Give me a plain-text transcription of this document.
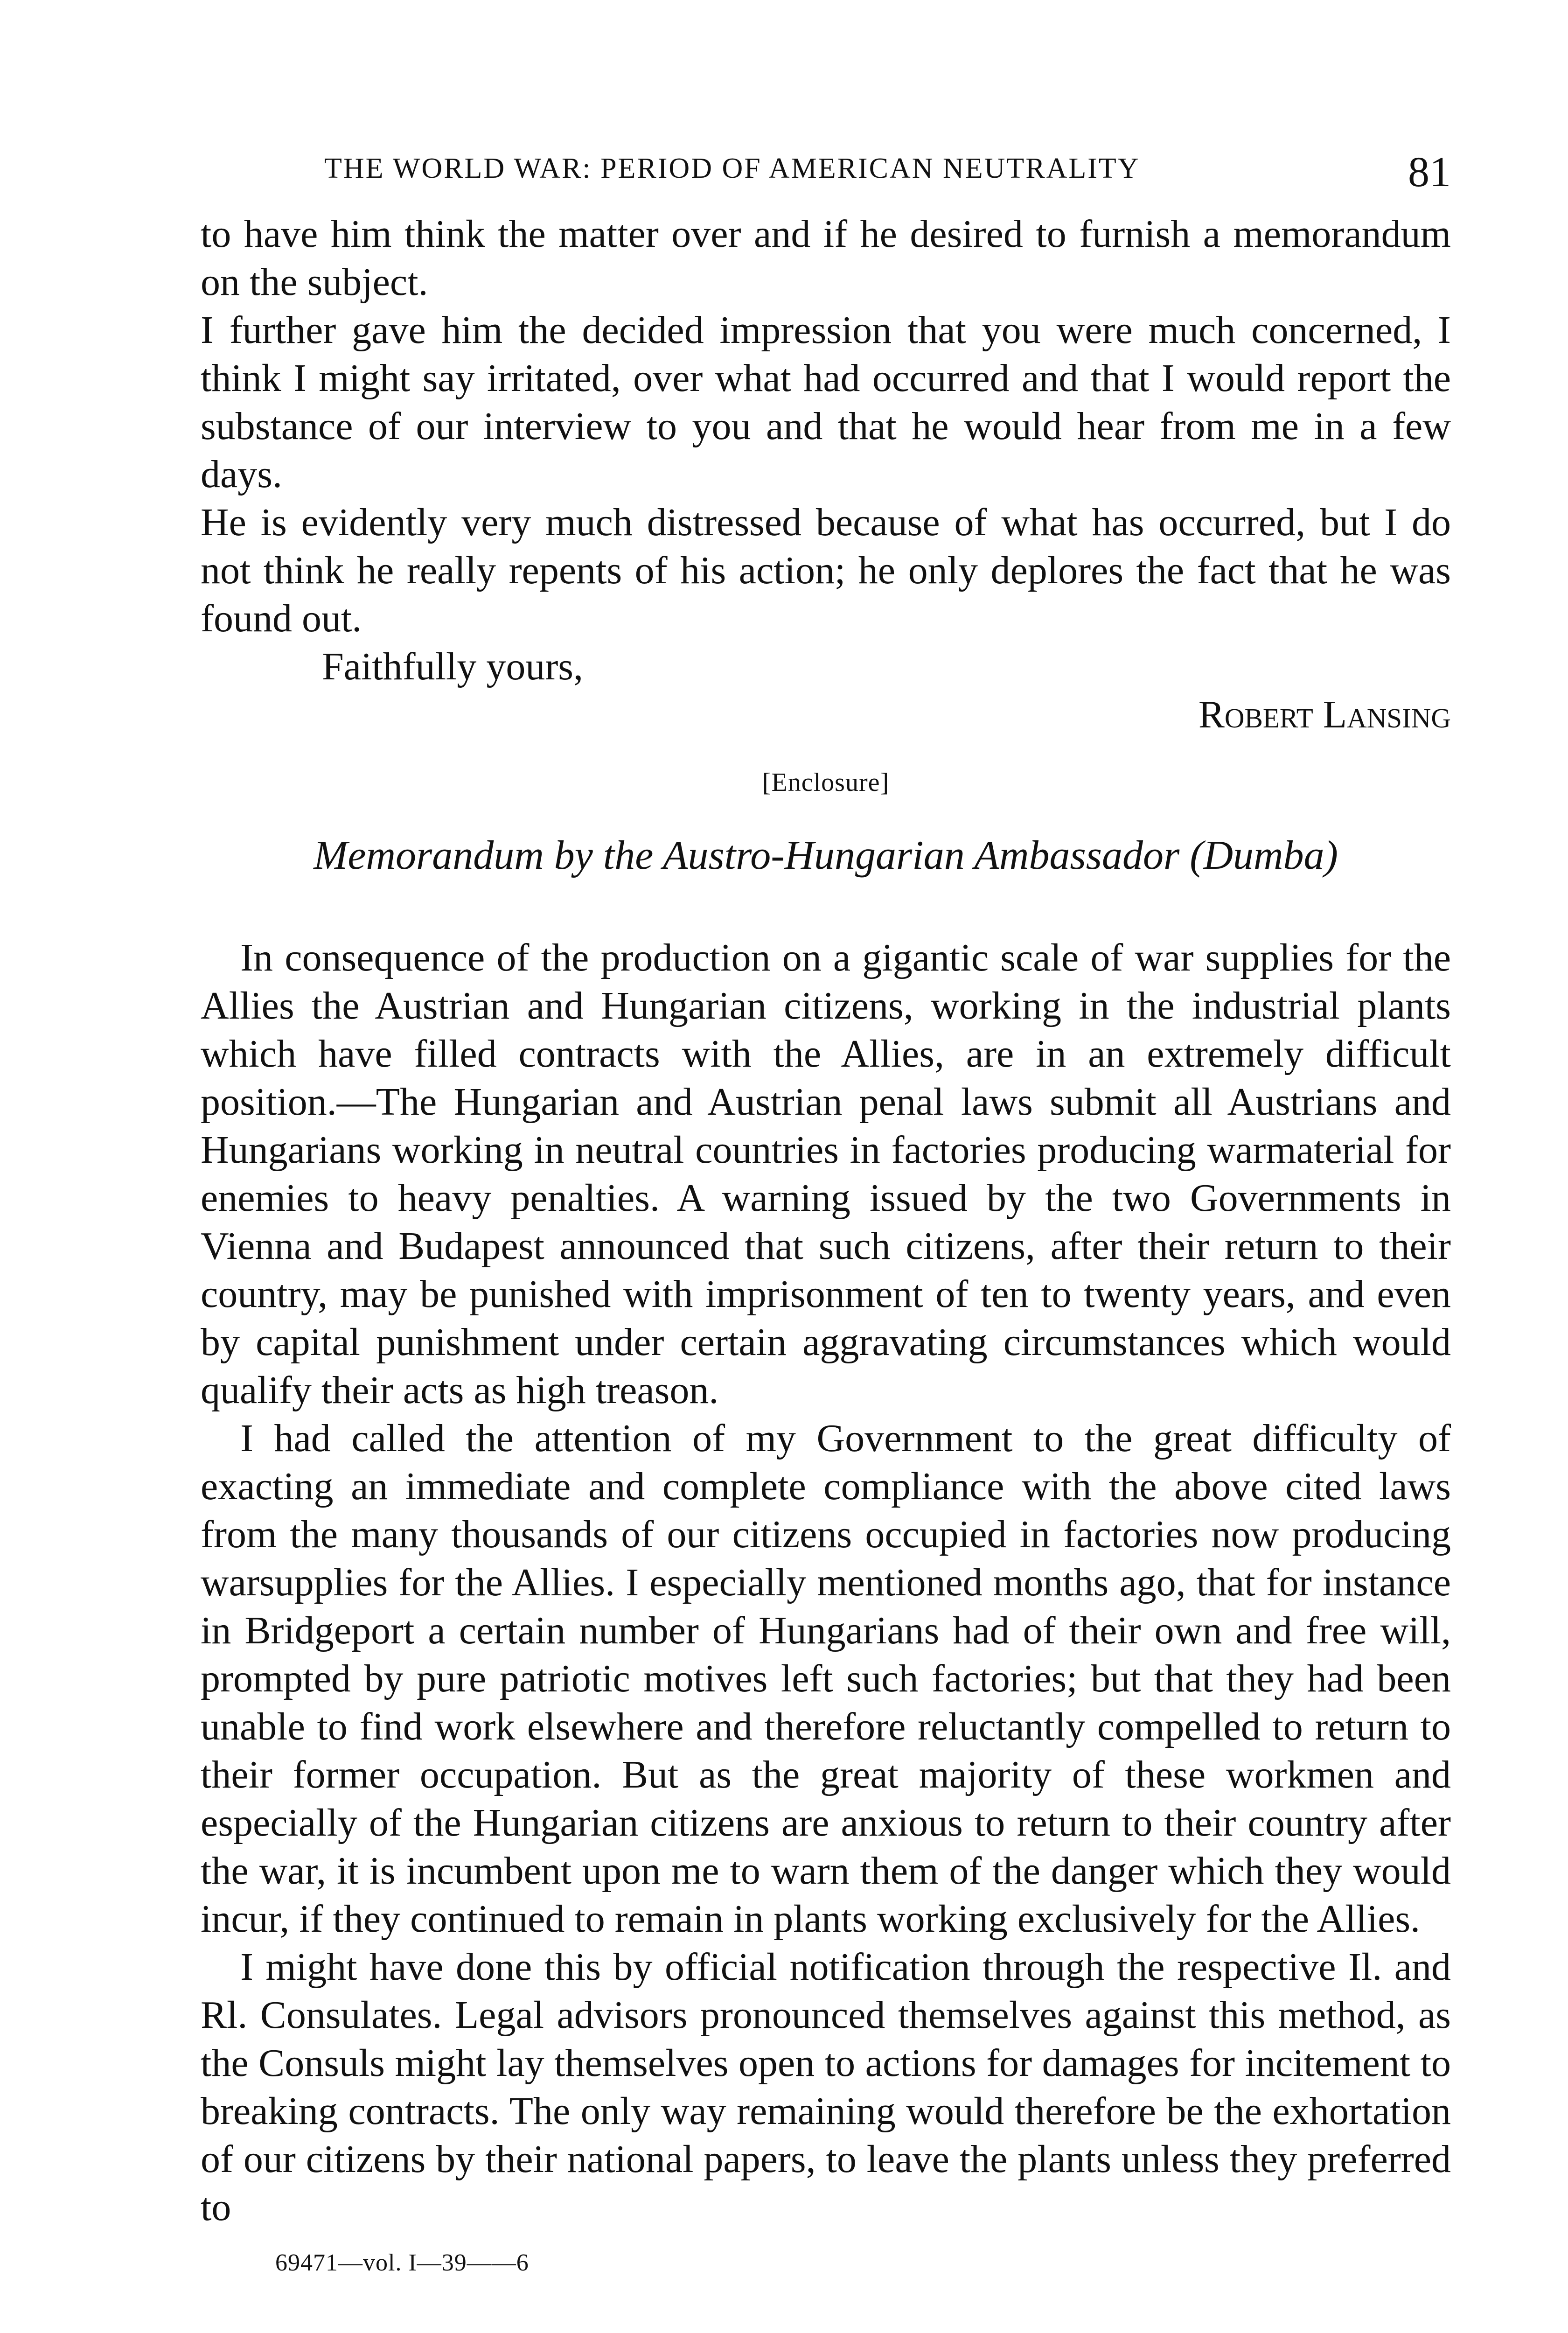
THE WORLD WAR: PERIOD OF AMERICAN NEUTRALITY	81

to have him think the matter over and if he desired to furnish a memorandum on the subject.

I further gave him the decided impression that you were much concerned, I think I might say irritated, over what had occurred and that I would report the substance of our interview to you and that he would hear from me in a few days.

He is evidently very much distressed because of what has occurred, but I do not think he really repents of his action; he only deplores the fact that he was found out.

Faithfully yours,

Robert Lansing

[Enclosure]
Memorandum by the Austro-Hungarian Ambassador (Dumba)

In consequence of the production on a gigantic scale of war supplies for the Allies the Austrian and Hungarian citizens, working in the industrial plants which have filled contracts with the Allies, are in an extremely difficult position.—The Hungarian and Austrian penal laws submit all Austrians and Hungarians working in neutral countries in factories producing warmaterial for enemies to heavy penalties. A warning issued by the two Governments in Vienna and Budapest announced that such citizens, after their return to their country, may be punished with imprisonment of ten to twenty years, and even by capital punishment under certain aggravating circumstances which would qualify their acts as high treason.

I had called the attention of my Government to the great difficulty of exacting an immediate and complete compliance with the above cited laws from the many thousands of our citizens occupied in factories now producing warsupplies for the Allies. I especially mentioned months ago, that for instance in Bridgeport a certain number of Hungarians had of their own and free will, prompted by pure patriotic motives left such factories; but that they had been unable to find work elsewhere and therefore reluctantly compelled to return to their former occupation. But as the great majority of these workmen and especially of the Hungarian citizens are anxious to return to their country after the war, it is incumbent upon me to warn them of the danger which they would incur, if they continued to remain in plants working exclusively for the Allies.

I might have done this by official notification through the respective Il. and Rl. Consulates. Legal advisors pronounced themselves against this method, as the Consuls might lay themselves open to actions for damages for incitement to breaking contracts. The only way remaining would therefore be the exhortation of our citizens by their national papers, to leave the plants unless they preferred to

69471—vol. I—39——6
